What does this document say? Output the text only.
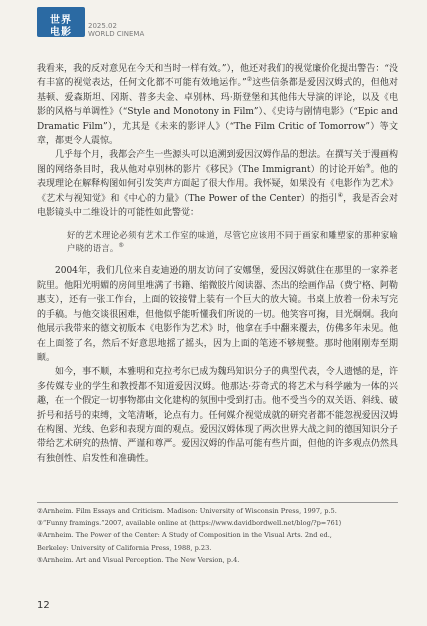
世界
电影
2025.02
WORLD CINEMA

我看来，我的反对意见在今天和当时一样有效。”），他还对我们的视觉廉价化提出警告：“没有丰富的视觉表达，任何文化都不可能有效地运作。”②这些信条都是爱因汉姆式的，但他对基顿、爱森斯坦、冈斯、普多夫金、卓别林、玛·斯登堡和其他伟大导演的评论，以及《电影的风格与单调性》（“Style and Monotony in Film”）、《史诗与剧情电影》（“Epic and Dramatic Film”），尤其是《未来的影评人》（“The Film Critic of Tomorrow”）等文章，都更令人震惊。

几乎每个月，我都会产生一些源头可以追溯到爱因汉姆作品的想法。在撰写关于漫画构图的网络条目时，我从他对卓别林的影片《移民》（The Immigrant）的讨论开始③。他的表现理论在解释构图如何引发笑声方面起了很大作用。我怀疑，如果没有《电影作为艺术》《艺术与视知觉》和《中心的力量》（The Power of the Center）的指引④，我是否会对电影镜头中二维设计的可能性如此警觉：

好的艺术理论必须有艺术工作室的味道，尽管它应该用不同于画家和雕塑家的那种家喻户晓的语言。⑤

2004年，我们几位来自麦迪逊的朋友访问了安娜堡，爱因汉姆就住在那里的一家养老院里。他阳光明媚的房间里堆满了书籍、缩微胶片阅读器、杰出的绘画作品（费宁格、阿勒惠支），还有一张工作台，上面的铰接臂上装有一个巨大的放大镜。书桌上放着一份未写完的手稿。与他交谈很困难，但他似乎能听懂我们所说的一切。他笑容可掬，目光炯炯。我向他展示我带来的德文初版本《电影作为艺术》时，他拿在手中翻来覆去，仿佛多年未见。他在上面签了名，然后不好意思地摇了摇头，因为上面的笔迹不够规整。那时他刚刚寿至期颐。

如今，事不顺，本雅明和克拉考尔已成为魏玛知识分子的典型代表，令人遗憾的是，许多传媒专业的学生和教授都不知道爱因汉姆。他那达·芬奇式的将艺术与科学融为一体的兴趣，在一个假定一切事物都由文化建构的氛围中受到打击。他不受当今的双关语、斜线、破折号和括号的束缚，文笔清晰，论点有力。任何媒介视觉成就的研究者都不能忽视爱因汉姆在构图、光线、色彩和表现方面的观点。爱因汉姆体现了两次世界大战之间的德国知识分子带给艺术研究的热情、严谨和尊严。爱因汉姆的作品可能有些片面，但他的许多观点仍然具有独创性、启发性和准确性。

②Arnheim. Film Essays and Criticism. Madison: University of Wisconsin Press, 1997, p.5.
③“Funny framings.”2007, available online at ⟨https://www.davidbordwell.net/blog/?p=761⟩
④Arnheim. The Power of the Center: A Study of Composition in the Visual Arts. 2nd ed.,
Berkeley: University of California Press, 1988, p.23.
⑤Arnheim. Art and Visual Perception. The New Version, p.4.
12
